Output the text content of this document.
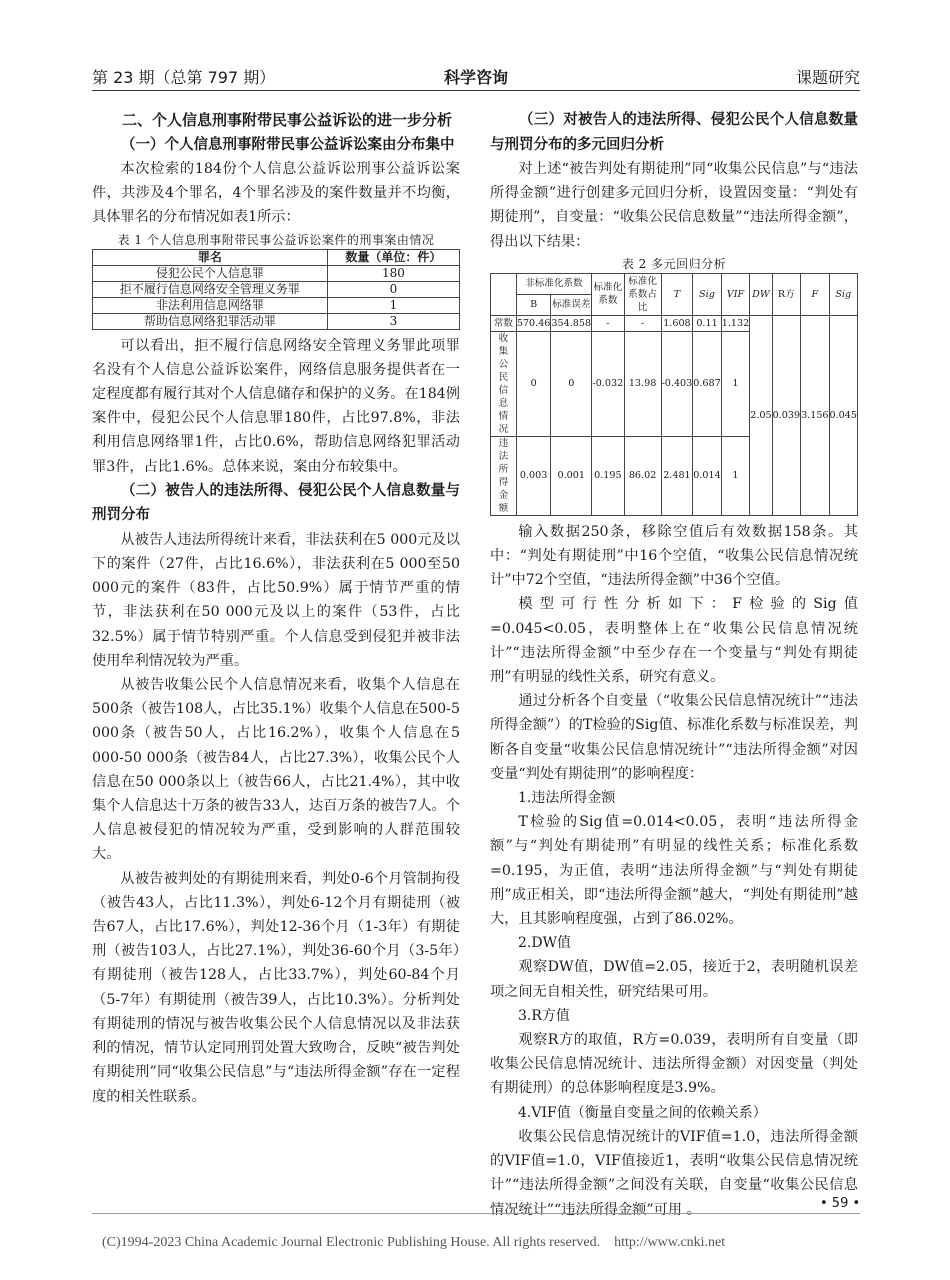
第 23 期（总第 797 期）	科学咨询	课题研究

二、个人信息刑事附带民事公益诉讼的进一步分析

（一）个人信息刑事附带民事公益诉讼案由分布集中

本次检索的184份个人信息公益诉讼刑事公益诉讼案件，共涉及4个罪名，4个罪名涉及的案件数量并不均衡，具体罪名的分布情况如表1所示：

表 1 个人信息刑事附带民事公益诉讼案件的刑事案由情况
罪名	数量（单位：件）
侵犯公民个人信息罪	180
拒不履行信息网络安全管理义务罪	0
非法利用信息网络罪	1
帮助信息网络犯罪活动罪	3

可以看出，拒不履行信息网络安全管理义务罪此项罪名没有个人信息公益诉讼案件，网络信息服务提供者在一定程度都有履行其对个人信息储存和保护的义务。在184例案件中，侵犯公民个人信息罪180件，占比97.8%，非法利用信息网络罪1件，占比0.6%，帮助信息网络犯罪活动罪3件，占比1.6%。总体来说，案由分布较集中。

（二）被告人的违法所得、侵犯公民个人信息数量与刑罚分布

从被告人违法所得统计来看，非法获利在5 000元及以下的案件（27件，占比16.6%），非法获利在5 000至50 000元的案件（83件，占比50.9%）属于情节严重的情节，非法获利在50 000元及以上的案件（53件，占比32.5%）属于情节特别严重。个人信息受到侵犯并被非法使用牟利情况较为严重。

从被告收集公民个人信息情况来看，收集个人信息在500条（被告108人，占比35.1%）收集个人信息在500-5 000条（被告50人，占比16.2%），收集个人信息在5 000-50 000条（被告84人，占比27.3%），收集公民个人信息在50 000条以上（被告66人，占比21.4%），其中收集个人信息达十万条的被告33人，达百万条的被告7人。个人信息被侵犯的情况较为严重，受到影响的人群范围较大。

从被告被判处的有期徒刑来看，判处0-6个月管制拘役（被告43人，占比11.3%），判处6-12个月有期徒刑（被告67人，占比17.6%），判处12-36个月（1-3年）有期徒刑（被告103人，占比27.1%），判处36-60个月（3-5年）有期徒刑（被告128人，占比33.7%），判处60-84个月（5-7年）有期徒刑（被告39人，占比10.3%）。分析判处有期徒刑的情况与被告收集公民个人信息情况以及非法获利的情况，情节认定同刑罚处置大致吻合，反映“被告判处有期徒刑”同“收集公民信息”与“违法所得金额”存在一定程度的相关性联系。

（三）对被告人的违法所得、侵犯公民个人信息数量与刑罚分布的多元回归分析

对上述“被告判处有期徒刑”同“收集公民信息”与“违法所得金额”进行创建多元回归分析，设置因变量：“判处有期徒刑”，自变量：“收集公民信息数量”“违法所得金额”，得出以下结果：

表 2 多元回归分析
	非标准化系数		标准化系数	标准化系数占比	T	Sig	VIF	DW	R方	F	Sig
	B	标准误差									
常数	570.46	354.858	-	-	1.608	0.11	1.132	2.05	0.039	3.156	0.045
收集公民信息情况	0	0	-0.032	13.98	-0.403	0.687	1				
违法所得金额	0.003	0.001	0.195	86.02	2.481	0.014	1				

输入数据250条，移除空值后有效数据158条。其中：“判处有期徒刑”中16个空值，“收集公民信息情况统计”中72个空值，“违法所得金额”中36个空值。

模型可行性分析如下：F检验的Sig值=0.045<0.05，表明整体上在“收集公民信息情况统计”“违法所得金额”中至少存在一个变量与“判处有期徒刑”有明显的线性关系，研究有意义。

通过分析各个自变量（“收集公民信息情况统计”“违法所得金额”）的T检验的Sig值、标准化系数与标准误差，判断各自变量“收集公民信息情况统计”“违法所得金额”对因变量“判处有期徒刑”的影响程度：

1.违法所得金额

T检验的Sig值=0.014<0.05，表明“违法所得金额”与“判处有期徒刑”有明显的线性关系；标准化系数=0.195，为正值，表明“违法所得金额”与“判处有期徒刑”成正相关，即“违法所得金额”越大，“判处有期徒刑”越大，且其影响程度强，占到了86.02%。

2.DW值

观察DW值，DW值=2.05，接近于2，表明随机误差项之间无自相关性，研究结果可用。

3.R方值

观察R方的取值，R方=0.039，表明所有自变量（即收集公民信息情况统计、违法所得金额）对因变量（判处有期徒刑）的总体影响程度是3.9%。

4.VIF值（衡量自变量之间的依赖关系）

收集公民信息情况统计的VIF值=1.0，违法所得金额的VIF值=1.0，VIF值接近1，表明“收集公民信息情况统计”“违法所得金额”之间没有关联，自变量“收集公民信息情况统计”“违法所得金额”可用 。	• 59 •
(C)1994-2023 China Academic Journal Electronic Publishing House. All rights reserved.    http://www.cnki.net
